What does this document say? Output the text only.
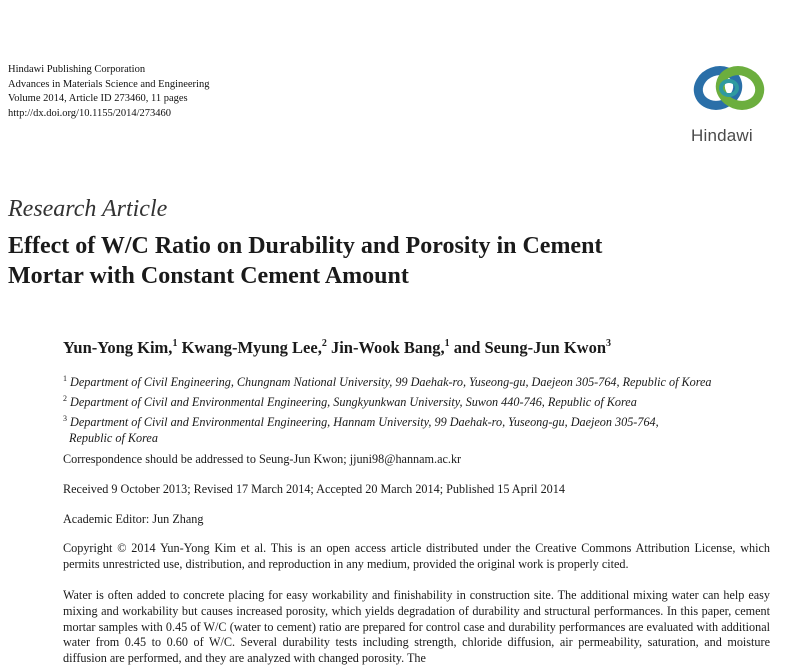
Hindawi Publishing Corporation
Advances in Materials Science and Engineering
Volume 2014, Article ID 273460, 11 pages
http://dx.doi.org/10.1155/2014/273460
Hindawi
Research Article
Effect of W/C Ratio on Durability and Porosity in Cement
Mortar with Constant Cement Amount
Yun-Yong Kim,$^1$ Kwang-Myung Lee,$^2$ Jin-Wook Bang,$^1$ and Seung-Jun Kwon$^3$
$^1$ Department of Civil Engineering, Chungnam National University, 99 Daehak-ro, Yuseong-gu, Daejeon 305-764, Republic of Korea
$^2$ Department of Civil and Environmental Engineering, Sungkyunkwan University, Suwon 440-746, Republic of Korea
$^3$ Department of Civil and Environmental Engineering, Hannam University, 99 Daehak-ro, Yuseong-gu, Daejeon 305-764,
Republic of Korea
Correspondence should be addressed to Seung-Jun Kwon; jjuni98@hannam.ac.kr
Received 9 October 2013; Revised 17 March 2014; Accepted 20 March 2014; Published 15 April 2014
Academic Editor: Jun Zhang
Copyright © 2014 Yun-Yong Kim et al. This is an open access article distributed under the Creative Commons Attribution License, which permits unrestricted use, distribution, and reproduction in any medium, provided the original work is properly cited.
Water is often added to concrete placing for easy workability and finishability in construction site. The additional mixing water can help easy mixing and workability but causes increased porosity, which yields degradation of durability and structural performances. In this paper, cement mortar samples with 0.45 of W/C (water to cement) ratio are prepared for control case and durability performances are evaluated with additional water from 0.45 to 0.60 of W/C. Several durability tests including strength, chloride diffusion, air permeability, saturation, and moisture diffusion are performed, and they are analyzed with changed porosity. The
